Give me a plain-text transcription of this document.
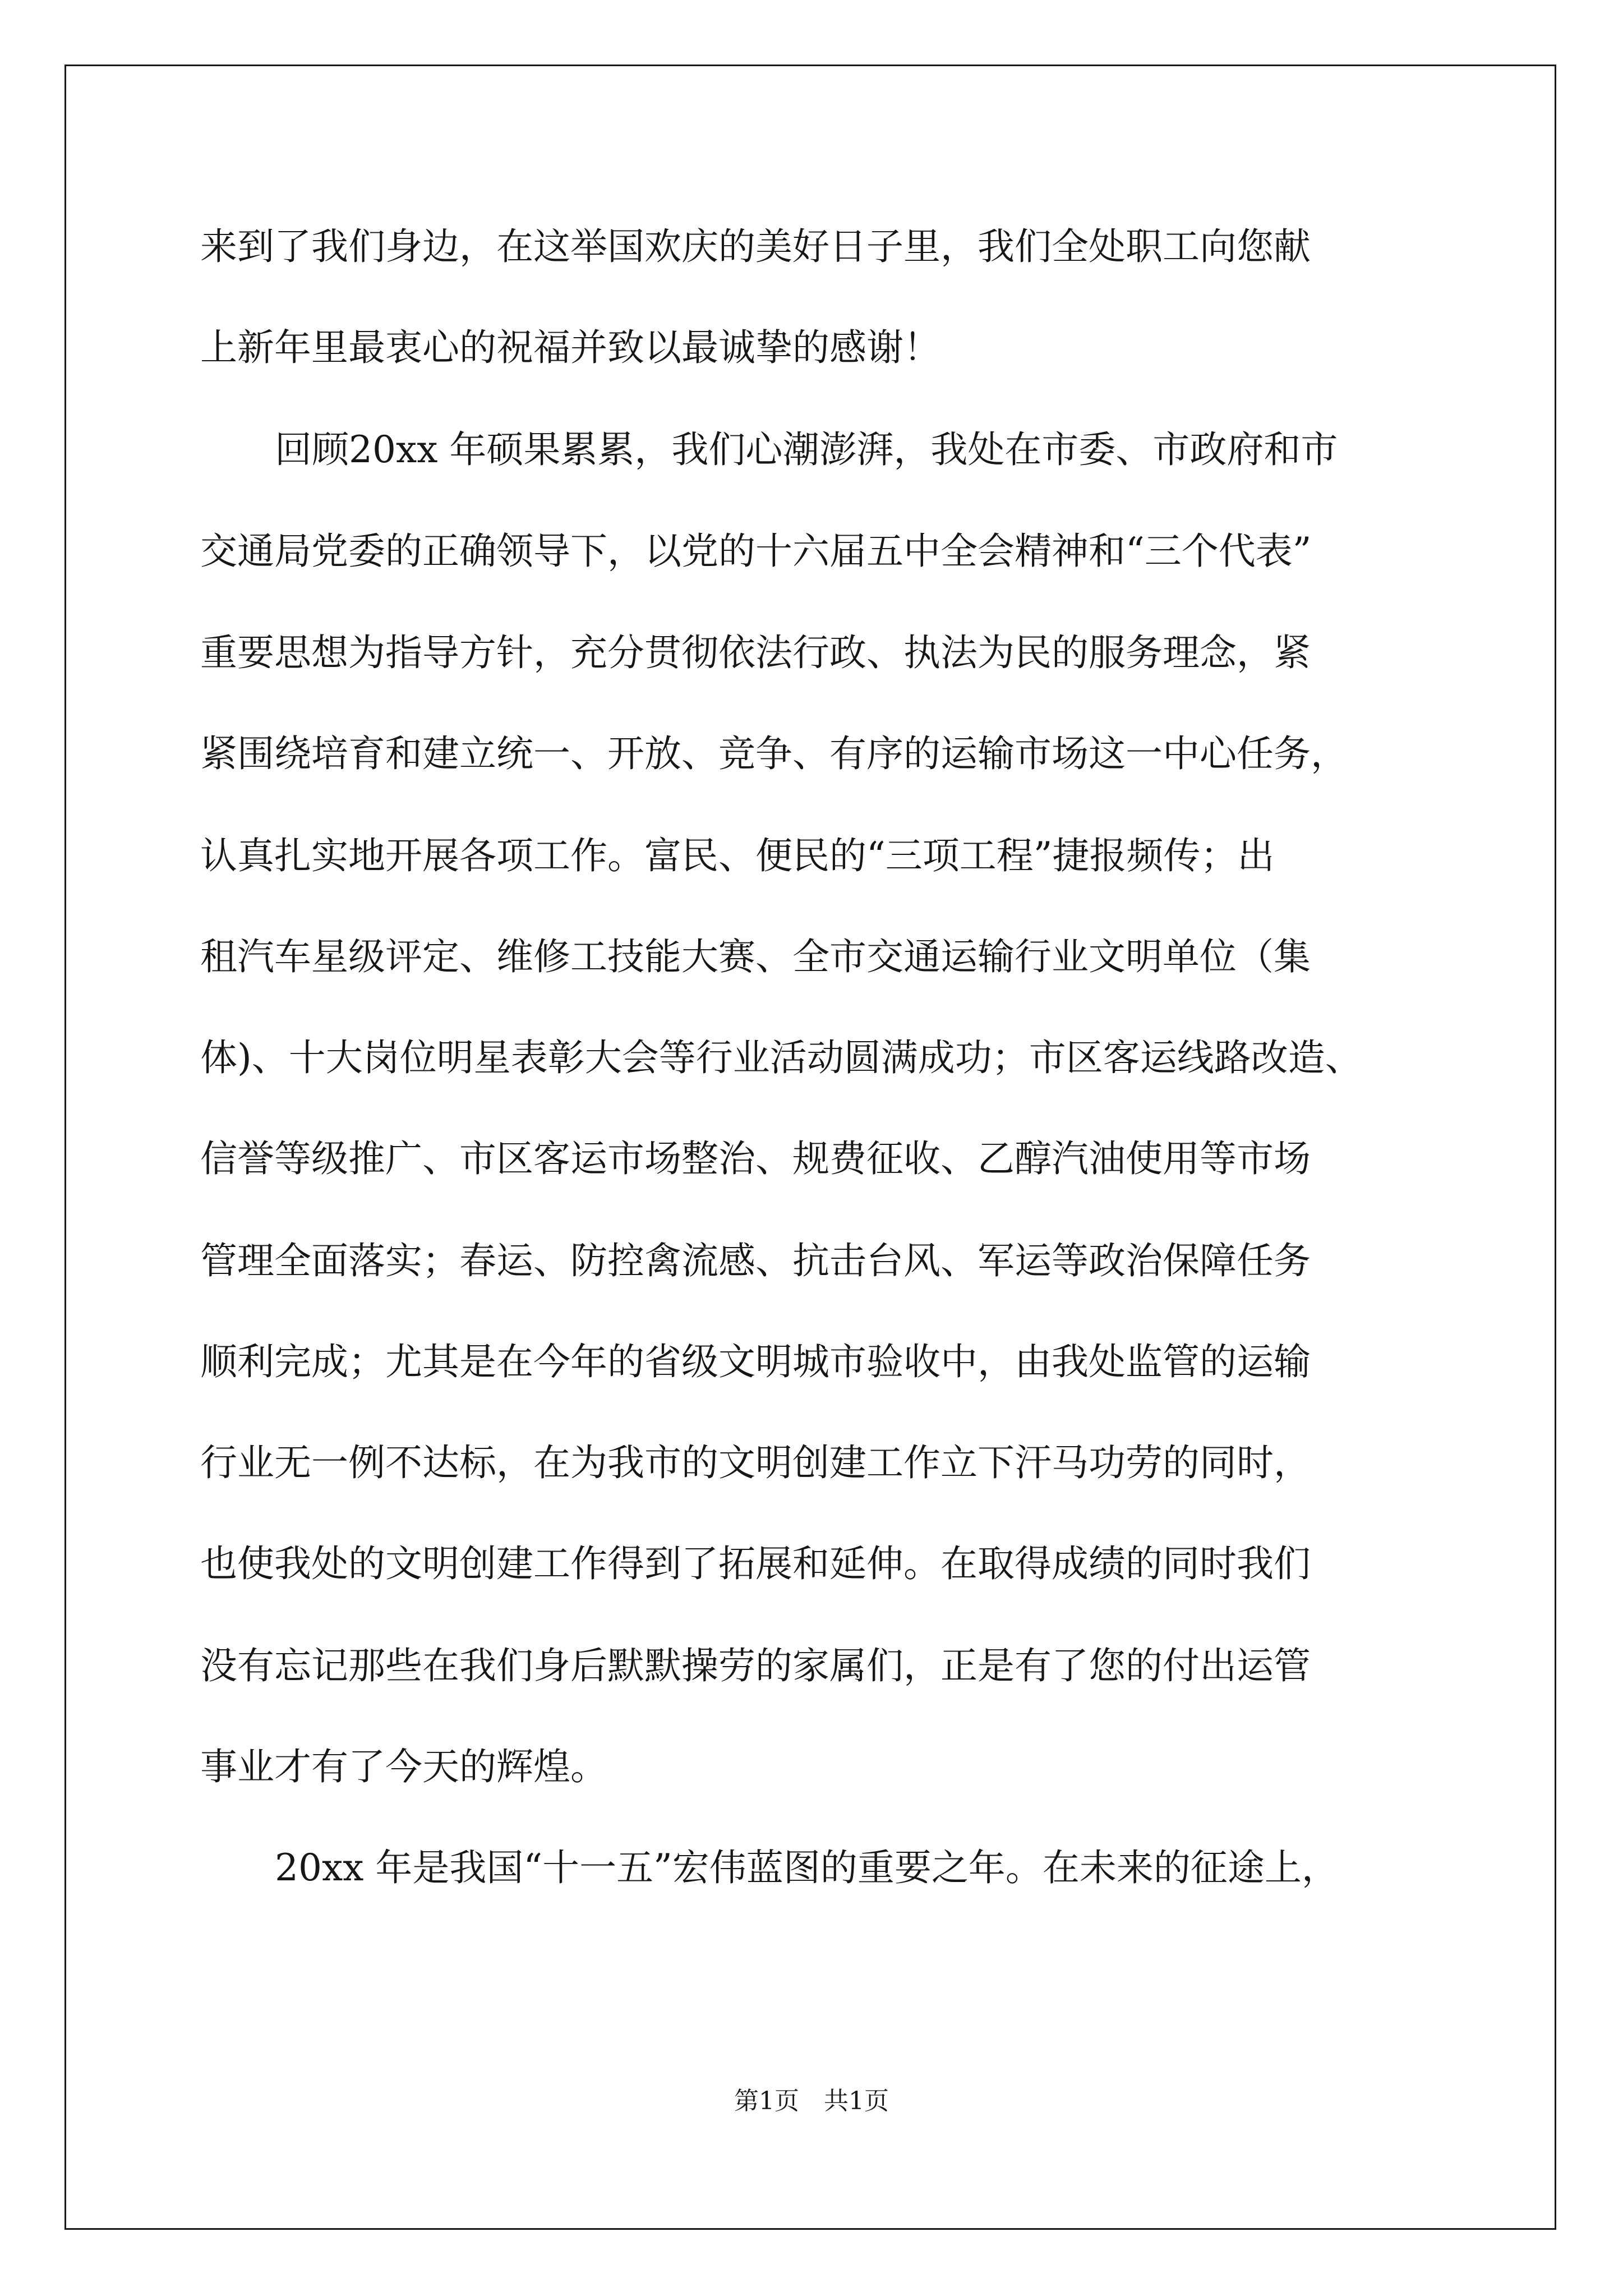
来到了我们身边，在这举国欢庆的美好日子里，我们全处职工向您献

上新年里最衷心的祝福并致以最诚挚的感谢！

回顾20xx 年硕果累累，我们心潮澎湃，我处在市委、市政府和市

交通局党委的正确领导下，以党的十六届五中全会精神和“三个代表”

重要思想为指导方针，充分贯彻依法行政、执法为民的服务理念，紧

紧围绕培育和建立统一、开放、竞争、有序的运输市场这一中心任务，

认真扎实地开展各项工作。富民、便民的“三项工程”捷报频传；出

租汽车星级评定、维修工技能大赛、全市交通运输行业文明单位（集

体)、十大岗位明星表彰大会等行业活动圆满成功；市区客运线路改造、

信誉等级推广、市区客运市场整治、规费征收、乙醇汽油使用等市场

管理全面落实；春运、防控禽流感、抗击台风、军运等政治保障任务

顺利完成；尤其是在今年的省级文明城市验收中，由我处监管的运输

行业无一例不达标，在为我市的文明创建工作立下汗马功劳的同时，

也使我处的文明创建工作得到了拓展和延伸。在取得成绩的同时我们

没有忘记那些在我们身后默默操劳的家属们，正是有了您的付出运管

事业才有了今天的辉煌。

20xx 年是我国“十一五”宏伟蓝图的重要之年。在未来的征途上，

第1页　共1页
